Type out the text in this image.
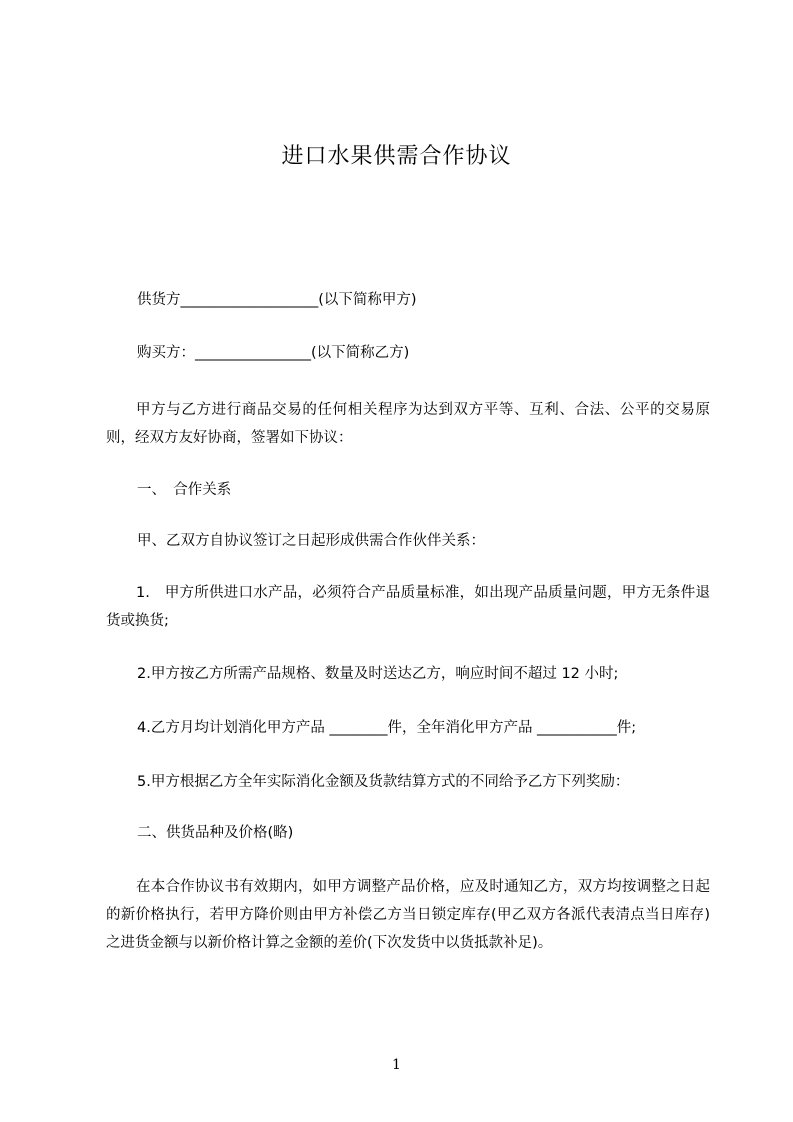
进口水果供需合作协议
供货方___________________(以下简称甲方)
购买方：________________(以下简称乙方)
甲方与乙方进行商品交易的任何相关程序为达到双方平等、互利、合法、公平的交易原则，经双方友好协商，签署如下协议：
一、　合作关系
甲、乙双方自协议签订之日起形成供需合作伙伴关系：
1.　甲方所供进口水产品，必须符合产品质量标准，如出现产品质量问题，甲方无条件退货或换货;
2.甲方按乙方所需产品规格、数量及时送达乙方，响应时间不超过 12 小时;
4.乙方月均计划消化甲方产品 ________件，全年消化甲方产品 ___________件;
5.甲方根据乙方全年实际消化金额及货款结算方式的不同给予乙方下列奖励：
二、供货品种及价格(略)
在本合作协议书有效期内，如甲方调整产品价格，应及时通知乙方，双方均按调整之日起的新价格执行，若甲方降价则由甲方补偿乙方当日锁定库存(甲乙双方各派代表清点当日库存)之进货金额与以新价格计算之金额的差价(下次发货中以货抵款补足)。
1
